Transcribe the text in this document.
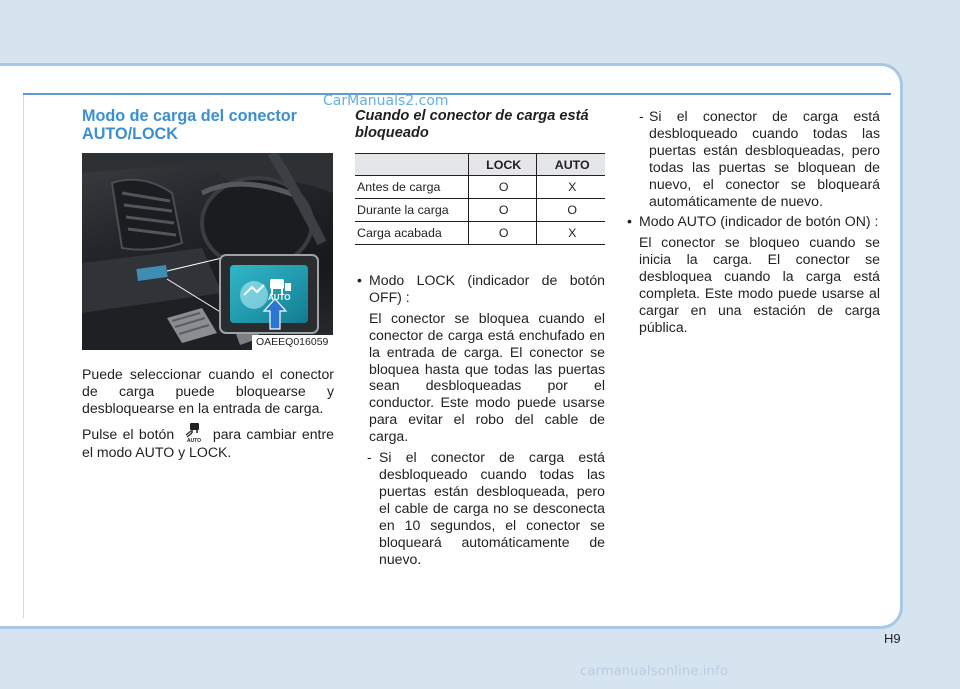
CarManuals2.com
Modo de carga del conector AUTO/LOCK
AUTO
OAEEQ016059

Puede seleccionar cuando el conector de carga puede bloquearse y desbloquearse en la entrada de carga.

Pulse el botón AUTO para cambiar entre el modo AUTO y LOCK.

Cuando el conector de carga está bloqueado
	LOCK	AUTO
Antes de carga	O	X
Durante la carga	O	O
Carga acabada	O	X
• Modo LOCK (indicador de botón OFF) :

El conector se bloquea cuando el conector de carga está enchufado en la entrada de carga. El conector se bloquea hasta que todas las puertas sean desbloqueadas por el conductor. Este modo puede usarse para evitar el robo del cable de carga.

- Si el conector de carga está desbloqueado cuando todas las puertas están desbloqueada, pero el cable de carga no se desconecta en 10 segundos, el conector se bloqueará automáticamente de nuevo.

- Si el conector de carga está desbloqueado cuando todas las puertas están desbloqueadas, pero todas las puertas se bloquean de nuevo, el conector se bloqueará automáticamente de nuevo.

• Modo AUTO (indicador de botón ON) :

El conector se bloqueo cuando se inicia la carga. El conector se desbloquea cuando la carga está completa. Este modo puede usarse al cargar en una estación de carga pública.

H9
carmanualsonline.info
